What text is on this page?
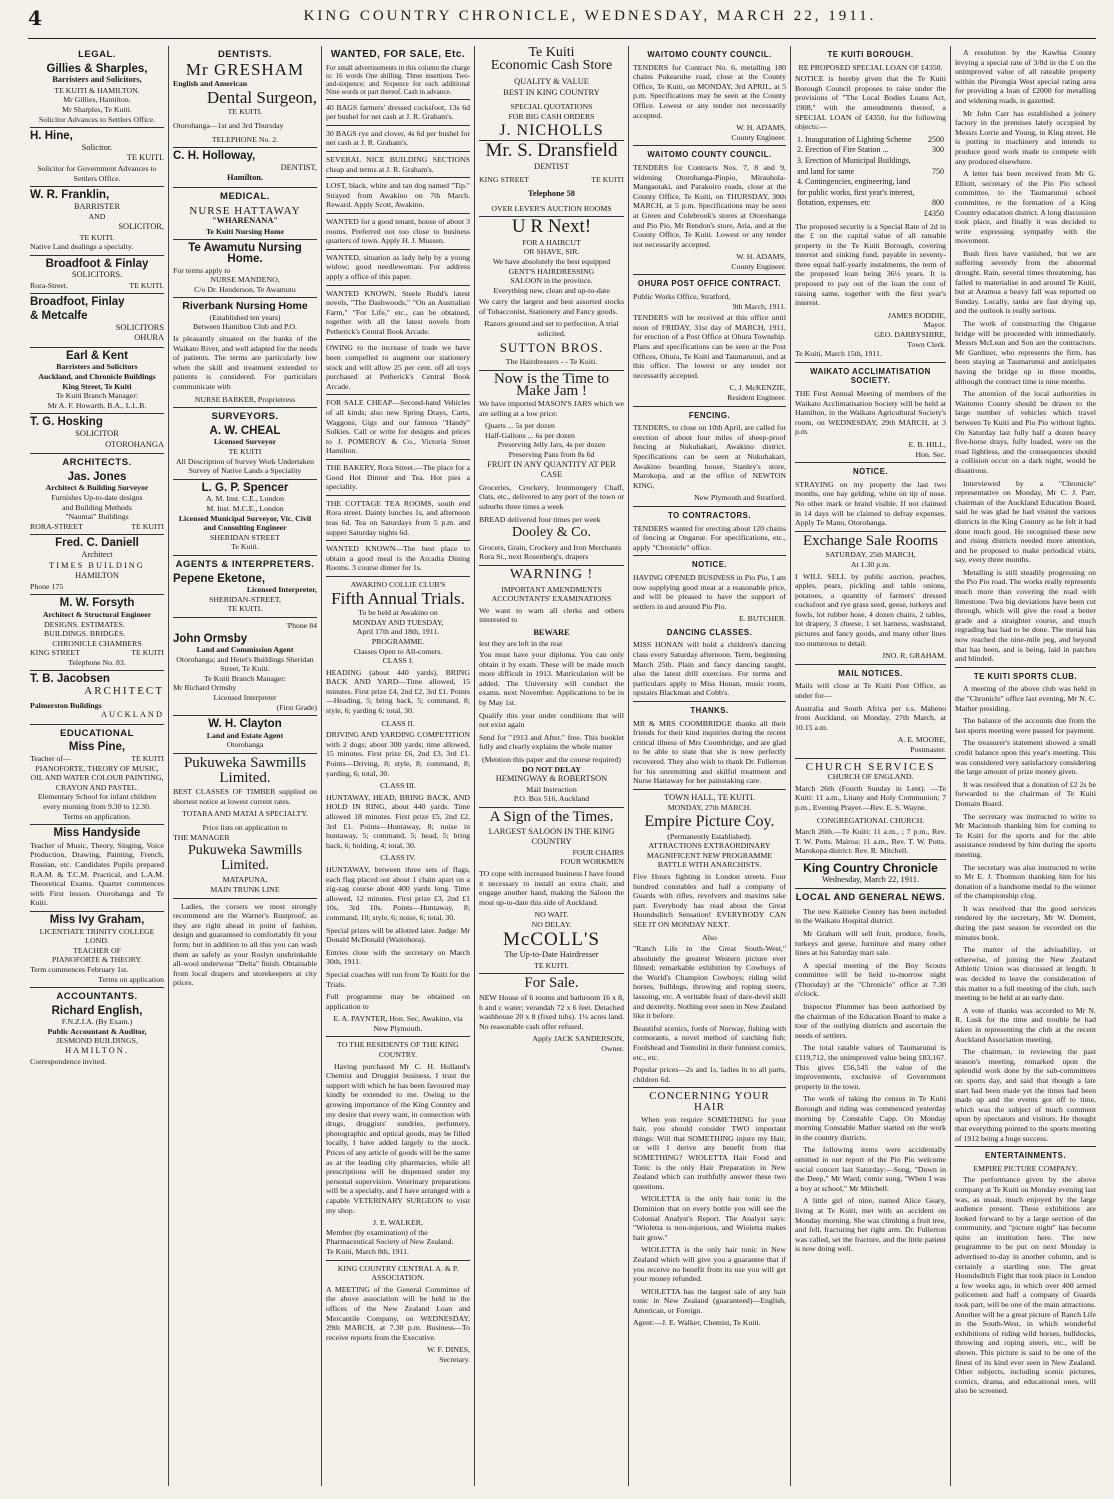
4	KING COUNTRY CHRONICLE, WEDNESDAY, MARCH 22, 1911.
LEGAL.
Gillies & Sharples,
Barristers and Solicitors,
TE KUITI & HAMILTON.
Mr Gillies, Hamilton.
Mr Sharples, Te Kuiti.
Solicitor Advances to Settlers Office.
H. Hine,
Solicitor.
TE KUITI.
Solicitor for Government Advances to Settlers Office.
W. R. Franklin,
BARRISTER
AND
SOLICITOR,
TE KUITI.
Native Land dealings a specialty.
Broadfoot & Finlay
SOLICITORS.
Rora-Street,	TE KUITI.
Broadfoot, Finlay
& Metcalfe
SOLICITORS
OHURA
Earl & Kent
Barristers and Solicitors
Auckland, and Chronicle Buildings
King Street, Te Kuiti
Te Kuiti Branch Manager:
Mr A. F. Howarth, B.A., L.L.B.
T. G. Hosking
SOLICITOR
OTOROHANGA
ARCHITECTS.
Jas. Jones
Architect & Building Surveyor
Furnishes Up-to-date designs
and Building Methods
"Naumai" Buildings
RORA-STREET	TE KUITI
Fred. C. Daniell
Architect
TIMES BUILDING
HAMILTON
Phone 175
M. W. Forsyth
Architect & Structural Engineer
DESIGNS. ESTIMATES.
BUILDINGS. BRIDGES.
CHRONICLE CHAMBERS
KING STREET	TE KUITI
Telephone No. 83.
T. B. Jacobsen
ARCHITECT
Palmerston Buildings
AUCKLAND
EDUCATIONAL
Miss Pine,
Teacher of—	TE KUITI
PIANOFORTE, THEORY OF MUSIC, OIL AND WATER COLOUR PAINTING, CRAYON AND PASTEL.
Elementary School for infant children every morning from 9.30 to 12.30.
Terms on application.
Miss Handyside
Teacher of Music, Theory, Singing, Voice Production, Drawing, Painting, French, Russian, etc. Candidates Pupils prepared R.A.M. & T.C.M. Practical, and L.A.M. Theoretical Exams. Quarter commences with First lesson. Otorohanga and Te Kuiti.
Miss Ivy Graham,
LICENTIATE TRINITY COLLEGE LOND.
TEACHER OF
PIANOFORTE & THEORY.
Term commences February 1st.
Terms on application
ACCOUNTANTS.
Richard English,
F.N.Z.I.A. (By Exam.)
Public Accountant & Auditor,
JESMOND BUILDINGS,
HAMILTON.
Correspondence invited.
DENTISTS.
Mr GRESHAM
English and American
Dental Surgeon,
TE KUITI.
Otorohanga—1st and 3rd Thursday
TELEPHONE No. 2.
C. H. Holloway,
DENTIST,
Hamilton.
MEDICAL.
NURSE HATTAWAY
"WHARENANA"
Te Kuiti Nursing Home
Te Awamutu Nursing Home.
For terms apply to
NURSE MANDENO,
C/o Dr. Henderson, Te Awamutu
Riverbank Nursing Home
(Established ten years)
Between Hamilton Club and P.O.
Is pleasantly situated on the banks of the Waikato River, and well adapted for the needs of patients. The terms are particularly low when the skill and treatment extended to patients is considered. For particulars communicate with
NURSE BARKER, Proprietress
SURVEYORS.
A. W. CHEAL
Licensed Surveyor
TE KUITI
All Description of Survey Work Undertaken
Survey of Native Lands a Speciality
L. G. P. Spencer
A. M. Inst. C.E., London
M. Inst. M.C.E., London
Licensed Municipal Surveyor, Vic. Civil and Consulting Engineer
SHERIDAN STREET
Te Kuiti.
AGENTS & INTERPRETERS.
Pepene Eketone,
Licensed Interpreter,
SHERIDAN-STREET,
TE KUITI.
'Phone 84
John Ormsby
Land and Commission Agent
Otorohanga; and Hetet's Buildings Sheridan Street, Te Kuiti.
Te Kuiti Branch Manager:
Mr Richard Ormsby
Licensed Interpreter
(First Grade)
W. H. Clayton
Land and Estate Agent
Otorohanga
Pukuweka Sawmills
Limited.
BEST CLASSES OF TIMBER supplied on shortest notice at lowest current rates.
TOTARA AND MATAI A SPECIALTY.
Price lists on application to
THE MANAGER
Pukuweka Sawmills
Limited.
MATAPUNA,
MAIN TRUNK LINE
Ladies, the corsets we most strongly recommend are the Warner's Rustproof, as they are right ahead in point of fashion, design and guaranteed to comfortably fit your form; but in addition to all this you can wash them as safely as your Roslyn unshrinkable all-wool underwear "Delta" finish. Obtainable from local drapers and storekeepers at city prices.
WANTED, FOR SALE, Etc.
For small advertisements in this column the charge is: 16 words One shilling. Three insertions Two-and-sixpence; and Sixpence for each additional Nine words or part thereof. Cash in advance.
40 BAGS farmers' dressed cocksfoot, 13s 6d per bushel for net cash at J. R. Graham's.
30 BAGS rye and clover, 4s 6d per bushel for net cash at J. R. Graham's.
SEVERAL NICE BUILDING SECTIONS cheap and terms at J. R. Graham's.
LOST, black, white and tan dog named "Tip." Strayed from Awakino on 7th March. Reward. Apply Scott, Awakino.
WANTED for a good tenant, house of about 3 rooms. Preferred not too close to business quarters of town. Apply H. J. Mussen.
WANTED, situation as lady help by a young widow; good needlewoman. For address apply a office of this paper.
WANTED KNOWN, Steele Rudd's latest novels, "The Dashwoods," "On an Australian Farm," "For Life," etc., can be obtained, together with all the latest novels from Petherick's Central Book Arcade.
OWING to the increase of trade we have been compelled to augment our stationery stock and will allow 25 per cent. off all toys purchased at Petherick's Central Book Arcade.
FOR SALE CHEAP—Second-hand Vehicles of all kinds; also new Spring Drays, Carts, Waggons, Gigs and our famous "Handy" Sulkies. Call or write for designs and prices to J. POMEROY & Co., Victoria Street Hamilton.
THE BAKERY, Rora Street.—The place for a Good Hot Dinner and Tea. Hot pies a speciality.
THE COTTAGE TEA ROOMS, south end Rora street. Dainty lunches 1s, and afternoon teas 6d. Tea on Saturdays from 5 p.m. and supper Saturday nights 6d.
WANTED KNOWN—The best place to obtain a good meal is the Arcadia Dining Rooms. 3 course dinner for 1s.
AWAKINO COLLIE CLUB'S
Fifth Annual Trials.
To be held at Awakino on
MONDAY AND TUESDAY,
April 17th and 18th, 1911.
PROGRAMME.
Classes Open to All-comers.
CLASS I.
HEADING (about 440 yards), BRING BACK AND YARD—Time allowed, 15 minutes. First prize £4, 2nd £2, 3rd £1. Points—Heading, 5; bring back, 5; command, 8; style, 6; yarding 6; total, 30.
CLASS II.
DRIVING AND YARDING COMPETITION with 2 dogs; about 300 yards; time allowed, 15 minutes. First prize £6, 2nd £3, 3rd £1. Points—Driving, 8; style, 8; command, 8; yarding, 6; total, 30.
CLASS III.
HUNTAWAY, HEAD, BRING BACK, AND HOLD IN RING, about 440 yards. Time allowed 18 minutes. First prize £5, 2nd £2, 3rd £1. Points—Huntaway, 8; noise in huntaway, 5; command, 5; head, 5; bring back, 6; holding, 4; total, 30.
CLASS IV.
HUNTAWAY, between three sets of flags, each flag placed out about 1 chain apart on a zig-zag course about 400 yards long. Time allowed, 12 minutes. First prize £3, 2nd £1 10s, 3rd 10s. Points—Huntaway, 8; command, 10; style, 6; noise, 6; total, 30.
Special prizes will be allotted later. Judge: Mr Donald McDonald (Waitohora).
Entries close with the secretary on March 30th, 1911.
Special coaches will run from Te Kuiti for the Trials.
Full programme may be obtained on application to
E. A. PAYNTER, Hon. Sec, Awakino, via New Plymouth.
TO THE RESIDENTS OF THE KING COUNTRY.
Having purchased Mr C. H. Holland's Chemist and Druggist business, I trust the support with which he has been favoured may kindly be extended to me. Owing to the growing importance of the King Country and my desire that every want, in connection with drugs, druggists' sundries, perfumery, photographic and optical goods, may be filled locally, I have added largely to the stock. Prices of any article of goods will be the same as at the leading city pharmacies, while all prescriptions will be dispensed under my personal supervision. Veterinary preparations will be a specialty, and I have arranged with a capable VETERINARY SURGEON to visit my shop.
J. E. WALKER,
Member (by examination) of the Pharmaceutical Society of New Zealand.
Te Kuiti, March 8th, 1911.
KING COUNTRY CENTRAL A. & P. ASSOCIATION.
A MEETING of the General Committee of the above association will be held in the offices of the New Zealand Loan and Mercantile Company, on WEDNESDAY, 29th MARCH, at 7.30 p.m. Business—To receive reports from the Executive.
W. F. DINES,
Secretary.
Te Kuiti
Economic Cash Store
QUALITY & VALUE
BEST IN KING COUNTRY
SPECIAL QUOTATIONS
FOR BIG CASH ORDERS
J. NICHOLLS
Mr. S. Dransfield
DENTIST
KING STREET	TE KUITI
Telephone 58
OVER LEVER'S AUCTION ROOMS
U R Next!
FOR A HAIRCUT
OR SHAVE, SIR.
We have absolutely the best equipped
GENT'S HAIRDRESSING
SALOON in the province.
Everything new, clean and up-to-date
We carry the largest and best assorted stocks of Tobacconist, Stationery and Fancy goods.
Razors ground and set to perfection. A trial solicited.
SUTTON BROS.
The Hairdressers - - Te Kuiti.
Now is the Time to
Make Jam !
We have imported MASON'S JARS which we are selling at a low price:
Quarts ... 5s per dozen
Half-Gallons ... 6s per dozen
Preserving Jelly Jars, 4s per dozen
Preserving Pans from 8s 6d
FRUIT IN ANY QUANTITY AT PER CASE
Groceries, Crockery, Ironmongery Chaff, Oats, etc., delivered to any port of the town or suburbs three times a week
BREAD delivered four times per week
Dooley & Co.
Grocers, Grain, Crockery and Iron Merchants
Rora St., next Rosenberg's, drapers
WARNING !
IMPORTANT AMENDMENTS
ACCOUNTANTS' EXAMINATIONS
We want to warn all clerks and others interested to
BEWARE
lest they are left in the rear
You must have your diploma. You can only obtain it by exam. These will be made much more difficult in 1913. Matriculation will be added. The University will conduct the exams. next November. Applications to be in by May 1st.
Qualify this year under conditions that will not exist again
Send for "1913 and After." free. This booklet fully and clearly explains the whole matter
(Mention this paper and the course required)
DO NOT DELAY
HEMINGWAY & ROBERTSON
Mail Instruction
P.O. Box 516, Auckland
A Sign of the Times.
LARGEST SALOON IN THE KING COUNTRY
FOUR CHAIRS
FOUR WORKMEN
TO cope with increased business I have found it necessary to install an extra chair, and engage another hand, making the Saloon the most up-to-date this side of Auckland.
NO WAIT.
NO DELAY.
McCOLL'S
The Up-to-Date Hairdresser
TE KUITI.
For Sale.
NEW House of 6 rooms and bathroom 16 x 8, h and c water; verandah 72 x 6 feet. Detached washhouse 20 x 8 (fixed tubs). 1¼ acres land. No reasonable cash offer refused.
Apply JACK SANDERSON,
Owner.
WAITOMO COUNTY COUNCIL.
TENDERS for Contract No. 6, metalling 180 chains Pukearuhe road, close at the County Office, Te Kuiti, on MONDAY, 3rd APRIL, at 5 p.m. Specifications may be seen at the County Office. Lowest or any tender not necessarily accepted.
W. H. ADAMS,
County Engineer.
WAITOMO COUNTY COUNCIL.
TENDERS for Contracts Nos. 7, 8 and 9, widening Otorohanga-Piopio, Mirauhola-Mangaotaki, and Parakoiro roads, close at the County Office, Te Kuiti, on THURSDAY, 30th MARCH, at 5 p.m. Specifications may be seen at Green and Colebrook's stores at Otorohanga and Pio Pio, Mr Rendon's store, Aria, and at the County Office, Te Kuiti. Lowest or any tender not necessarily accepted.
W. H. ADAMS,
County Engineer.
OHURA POST OFFICE CONTRACT.
Public Works Office, Stratford,
9th March, 1911.
TENDERS will be received at this office until noon of FRIDAY, 31st day of MARCH, 1911, for erection of a Post Office at Ohura Township. Plans and specifications can be seen at the Post Offices, Ohura, Te Kuiti and Taumarunui, and at this office. The lowest or any tender not necessarily accepted.
C. J. McKENZIE,
Resident Engineer.
FENCING.
TENDERS, to close on 10th April, are called for erection of about four miles of sheep-proof fencing at Nukuhakari, Awakino district. Specifications can be seen at Nukuhakari, Awakino boarding house, Stanley's store, Marokopa, and at the office of NEWTON KING,
New Plymouth and Stratford.
TO CONTRACTORS.
TENDERS wanted for erecting about 120 chains of fencing at Ongarue. For specifications, etc., apply "Chronicle" office.
NOTICE.
HAVING OPENED BUSINESS in Pio Pio, I am now supplying good meat at a reasonable price, and will be pleased to have the support of settlers in and around Pio Pio.
E. BUTCHER.
DANCING CLASSES.
MISS HONAN will hold a children's dancing class every Saturday afternoon. Term, beginning March 25th. Plain and fancy dancing taught, also the latest drill exercises. For terms and particulars apply to Miss Honan, music room, upstairs Blackman and Cobb's.
THANKS.
MR & MRS COOMBRIDGE thanks all their friends for their kind inquiries during the recent critical illness of Mrs Coombridge, and are glad to be able to state that she is now perfectly recovered. They also wish to thank Dr. Fullerton for his unremitting and skilful treatment and Nurse Hattaway for her painstaking care.
TOWN HALL, TE KUITI.
MONDAY, 27th MARCH.
Empire Picture Coy.
(Permanently Established).
ATTRACTIONS EXTRAORDINARY MAGNIFICENT NEW PROGRAMME
BATTLE WITH ANARCHISTS.
Five Hours fighting in London streets. Four hundred constables and half a company of Guards with rifles, revolvers and maxims take part. Everybody has read about the Great Houndsditch Sensation! EVERYBODY CAN SEE IT ON MONDAY NEXT.
Also
"Ranch Life in the Great South-West," absolutely the greatest Western picture ever filmed; remarkable exhibition by Cowboys of the World's Champion Cowboys; riding wild horses, bulldogs, throwing and roping steers, lassoing, etc. A veritable feast of dare-devil skill and dexterity. Nothing ever seen in New Zealand like it before.
Beautiful scenics, fords of Norway, fishing with cormorants, a novel method of catching fish; Foolshead and Tontolini in their funniest comics, etc., etc.
Popular prices—2s and 1s, ladies in to all parts, children 6d.
CONCERNING YOUR HAIR
When you require SOMETHING for your hair, you should consider TWO important things: Will that SOMETHING injure my Hair, or will I derive any benefit from that SOMETHING? WIOLETTA Hair Food and Tonic is the only Hair Preparation in New Zealand which can truthfully answer these two questions.
WIOLETTA is the only hair tonic in the Dominion that on every bottle you will see the Colonial Analyst's Report. The Analyst says: "Wioletta is non-injurious, and Wioletta makes hair grow."
WIOLETTA is the only hair tonic in New Zealand which will give you a guarantee that if you receive no benefit from its use you will get your money refunded.
WIOLETTA has the largest sale of any hair tonic in New Zealand (guaranteed)—English, American, or Foreign.
Agent:—J. E. Walker, Chemist, Te Kuiti.
TE KUITI BOROUGH.
RE PROPOSED SPECIAL LOAN OF £4350.
NOTICE is hereby given that the Te Kuiti Borough Council proposes to raise under the provisions of "The Local Bodies Loans Act, 1908," with the amendments thereof, a SPECIAL LOAN of £4350, for the following objects:—
1. Inauguration of Lighting Scheme	2500
2. Erection of Fire Station ...	300
3. Erection of Municipal Buildings, and land for same	750
4. Contingencies, engineering, land for public works, first year's interest, flotation, expenses, etc	800
	£4350
The proposed security is a Special Rate of 2d in the £ on the capital value of all rateable property in the Te Kuiti Borough, covering interest and sinking fund, payable in seventy-three equal half-yearly instalments, the term of the proposed loan being 36½ years. It is proposed to pay out of the loan the cost of raising same, together with the first year's interest.
JAMES BODDIE,
Mayor.
GEO. DARBYSHIRE,
Town Clerk.
Te Kuiti, March 15th, 1911.
WAIKATO ACCLIMATISATION SOCIETY.
THE First Annual Meeting of members of the Waikato Acclimatisation Society will be held at Hamilton, in the Waikato Agricultural Society's room, on WEDNESDAY, 29th MARCH, at 3 p.m.
E. B. HILL,
Hon. Sec.
NOTICE.
STRAYING on my property the last two months, one bay gelding, white on tip of nose. No other mark or brand visible. If not claimed in 14 days will be claimed to defray expenses. Apply Te Manu, Otorohanga.
Exchange Sale Rooms
SATURDAY, 25th MARCH,
At 1.30 p.m.
I WILL SELL by public auction, peaches, apples, pears, pickling and table onions, potatoes, a quantity of farmers' dressed cocksfoot and rye grass seed, geese, turkeys and fowls, lot rubber hose, 4 dozen chairs, 2 tables, lot drapery, 3 cheese, 1 set harness, washstand, pictures and fancy goods, and many other lines too numerous to detail.
JNO. R. GRAHAM.
MAIL NOTICES.
Mails will close at Te Kuiti Post Office, as under for—
Australia and South Africa per s.s. Maheno from Auckland, on Monday, 27th March, at 10.15 a.m.
A. E. MOORE,
Postmaster.
CHURCH SERVICES
CHURCH OF ENGLAND.
March 26th (Fourth Sunday in Lent). —Te Kuiti: 11 a.m., Litany and Holy Communion; 7 p.m., Evening Prayer.—Rev. E. S. Wayne.
CONGREGATIONAL CHURCH.
March 26th.—Te Kuiti: 11 a.m., ; 7 p.m., Rev. T. W. Potts. Mairoa: 11 a.m., Rev. T. W. Potts. Marokopa district: Rev. R. Mitchell.
King Country Chronicle
Wednesday, March 22, 1911.
LOCAL AND GENERAL NEWS.
The new Kaitieke County has been included in the Waikato Hospital district.
Mr Graham will sell fruit, produce, fowls, turkeys and geese, furniture and many other lines at his Saturday mart sale.
A special meeting of the Boy Scouts committee will be held to-morrow night (Thursday) at the "Chronicle" office at 7.30 o'clock.
Inspector Plummer has been authorised by the chairman of the Education Board to make a tour of the outlying districts and ascertain the needs of settlers.
The total ratable values of Taumarunui is £119,712, the unimproved value being £83,167. This gives £56,545 the value of the improvements, exclusive of Government property in the town.
The work of taking the census in Te Kuiti Borough and riding was commenced yesterday morning by Constable Capp. On Monday morning Constable Mather started on the work in the country districts.
The following items were accidentally omitted in our report of the Pio Pio welcome social concert last Saturday:—Song, "Down in the Deep," Mr Ward; comic song, "When I was a boy at school," Mr Mitchell.
A little girl of nine, named Alice Geary, living at Te Kuiti, met with an accident on Monday morning. She was climbing a fruit tree, and fell, fracturing her right arm. Dr. Fullerton was called, set the fracture, and the little patient is now doing well.
A resolution by the Kawhia County levying a special rate of 3/8d in the £ on the unimproved value of all rateable property within the Pirongia West special rating area for providing a loan of £2000 for metalling and widening roads, is gazetted.
Mr John Carr has established a joinery factory in the premises lately occupied by Messrs Lorrie and Young, in King street. He is putting in machinery and intends to produce good work made to compete with any produced elsewhere.
A letter has been received from Mr G. Elliott, secretary of the Pio Pio school committee, to the Taumarunui school committee, re the formation of a King Country education district. A long discussion took place, and finally it was decided to write expressing sympathy with the movement.
Bush fires have vanished, but we are suffering severely from the abnormal drought. Rain, several times threatening, has failed to materialise in and around Te Kuiti, but at Aramoa a heavy fall was reported on Sunday. Locally, tanks are fast drying up, and the outlook is really serious.
The work of constructing the Ongarue bridge will be proceeded with immediately. Messrs McLean and Son are the contractors. Mr Gardiner, who represents the firm, has been staying at Taumarunui and anticipates having the bridge up in three months, although the contract time is nine months.
The attention of the local authorities in Waitomo County should be drawn to the large number of vehicles which travel between Te Kuiti and Pio Pio without lights. On Saturday last fully half a dozen heavy five-horse drays, fully loaded, were on the road lightless, and the consequences should a collision occur on a dark night, would be disastrous.
Interviewed by a "Chronicle" representative on Monday, Mr C. J. Parr, chairman of the Auckland Education Board, said he was glad he had visited the various districts in the King Country as he felt it had done much good. He recognised these new and rising districts needed more attention, and he proposed to make periodical visits, say, every three months.
Metalling is still steadily progressing on the Pio Pio road. The works really represents much more than covering the road with limestone. Two big deviations have been cut through, which will give the road a better grade and a straighter course, and much regrading has had to be done. The metal has now reached the nine-mile peg, and beyond that has been, and is being, laid in patches and blinded.
TE KUITI SPORTS CLUB.
A meeting of the above club was held in the "Chronicle" office last evening, Mr N. C. Mather presiding.
The balance of the accounts due from the last sports meeting were passed for payment.
The treasurer's statement showed a small credit balance upon this year's meeting. This was considered very satisfactory considering the large amount of prize money given.
It was resolved that a donation of £2 2s be forwarded to the chairman of Te Kuiti Domain Board.
The secretary was instructed to write to Mr Macintosh thanking him for coming to Te Kuiti for the sports and for the able assistance rendered by him during the sports meeting.
The secretary was also instructed to write to Mr E. J. Thomson thanking him for his donation of a handsome medal to the winner of the championship clog.
It was resolved that the good services rendered by the secretary, Mr W. Dement, during the past season be recorded on the minutes book.
The matter of the advisability, or otherwise, of joining the New Zealand Athletic Union was discussed at length. It was decided to leave the consideration of this matter to a full meeting of the club, such meeting to be held at an early date.
A vote of thanks was accorded to Mr N. R. Lusk for the time and trouble he had taken in representing the club at the recent Auckland Association meeting.
The chairman, in reviewing the past season's meeting, remarked upon the splendid work done by the sub-committees on sports day, and said that though a late start had been made yet the times had been made up and the events got off to time, which was the subject of much comment upon by spectators and visitors. He thought that everything pointed to the sports meeting of 1912 being a huge success.
ENTERTAINMENTS.
EMPIRE PICTURE COMPANY.
The performance given by the above company at Te Kuiti on Monday evening last was, as usual, much enjoyed by the large audience present. These exhibitions are looked forward to by a large section of the community, and "picture night" has become quite an institution here. The new programme to be put on next Monday is advertised to-day in another column, and is certainly a startling one. The great Houndsditch Fight that took place in London a few weeks ago, in which over 400 armed policemen and half a company of Guards took part, will be one of the main attractions. Another will be a great picture of Ranch Life in the South-West, in which wonderful exhibitions of riding wild horses, bulldocks, throwing and roping steers, etc., will be shown. This picture is said to be one of the finest of its kind ever seen in New Zealand. Other subjects, including scenic pictures, comics, drama, and educational ones, will also be screened.
